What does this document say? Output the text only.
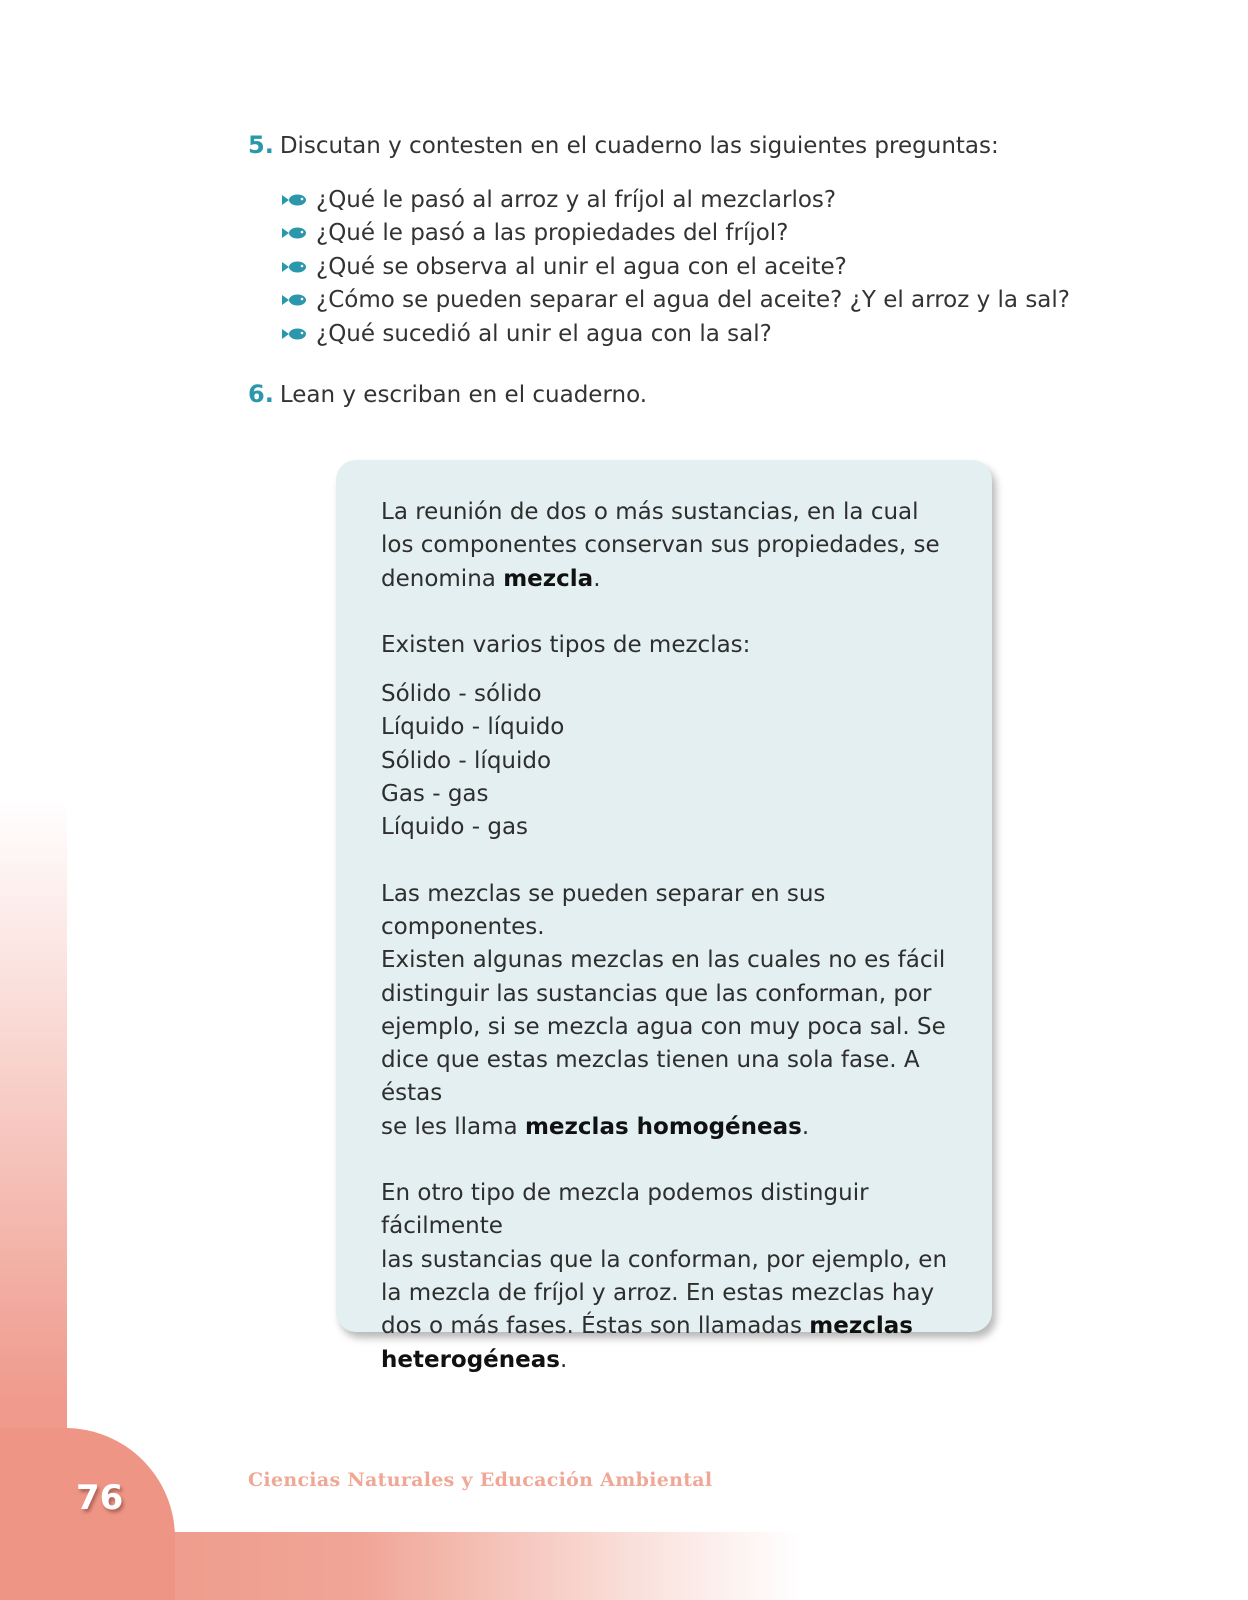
5. Discutan y contesten en el cuaderno las siguientes preguntas:
¿Qué le pasó al arroz y al fríjol al mezclarlos?
¿Qué le pasó a las propiedades del fríjol?
¿Qué se observa al unir el agua con el aceite?
¿Cómo se pueden separar el agua del aceite? ¿Y el arroz y la sal?
¿Qué sucedió al unir el agua con la sal?
6. Lean y escriban en el cuaderno.

La reunión de dos o más sustancias, en la cual

los componentes conservan sus propiedades, se

denomina mezcla.

Existen varios tipos de mezclas:

Sólido - sólido

Líquido - líquido

Sólido - líquido

Gas - gas

Líquido - gas

Las mezclas se pueden separar en sus componentes.

Existen algunas mezclas en las cuales no es fácil

distinguir las sustancias que las conforman, por

ejemplo, si se mezcla agua con muy poca sal. Se

dice que estas mezclas tienen una sola fase. A éstas

se les llama mezclas homogéneas.

En otro tipo de mezcla podemos distinguir fácilmente

las sustancias que la conforman, por ejemplo, en

la mezcla de fríjol y arroz. En estas mezclas hay

dos o más fases. Éstas son llamadas mezclas

heterogéneas.

Ciencias Naturales y Educación Ambiental
76
